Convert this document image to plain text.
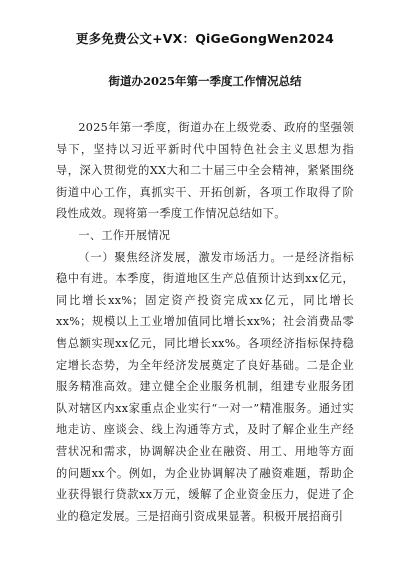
更多免费公文+VX：QiGeGongWen2024
街道办2025年第一季度工作情况总结

2025年第一季度，街道办在上级党委、政府的坚强领导下，坚持以习近平新时代中国特色社会主义思想为指导，深入贯彻党的XX大和二十届三中全会精神，紧紧围绕街道中心工作，真抓实干、开拓创新，各项工作取得了阶段性成效。现将第一季度工作情况总结如下。

一、工作开展情况

（一）聚焦经济发展，激发市场活力。一是经济指标稳中有进。本季度，街道地区生产总值预计达到xx亿元，同比增长xx%；固定资产投资完成xx亿元，同比增长xx%；规模以上工业增加值同比增长xx%；社会消费品零售总额实现xx亿元，同比增长xx%。各项经济指标保持稳定增长态势，为全年经济发展奠定了良好基础。二是企业服务精准高效。建立健全企业服务机制，组建专业服务团队对辖区内xx家重点企业实行“一对一”精准服务。通过实地走访、座谈会、线上沟通等方式，及时了解企业生产经营状况和需求，协调解决企业在融资、用工、用地等方面的问题xx个。例如，为企业协调解决了融资难题，帮助企业获得银行贷款xx万元，缓解了企业资金压力，促进了企业的稳定发展。三是招商引资成果显著。积极开展招商引
